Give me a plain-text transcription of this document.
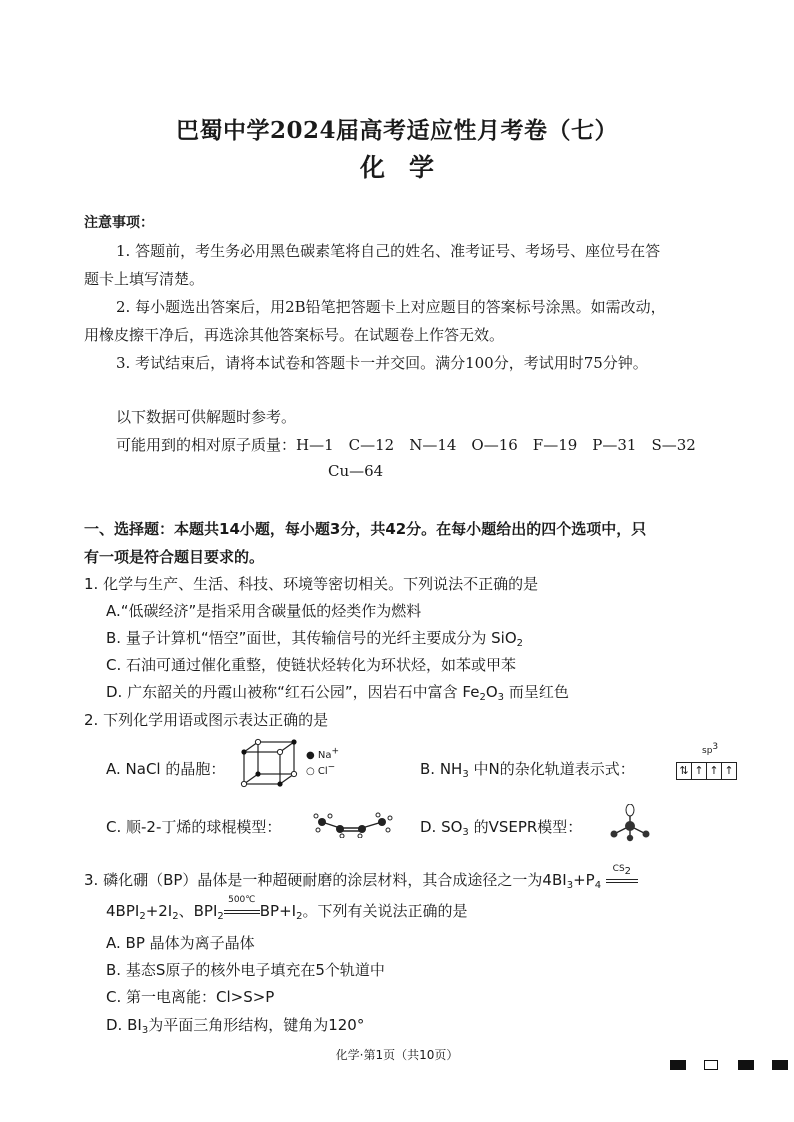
巴蜀中学2024届高考适应性月考卷（七）
化学
注意事项：
1. 答题前，考生务必用黑色碳素笔将自己的姓名、准考证号、考场号、座位号在答
题卡上填写清楚。
2. 每小题选出答案后，用2B铅笔把答题卡上对应题目的答案标号涂黑。如需改动，
用橡皮擦干净后，再选涂其他答案标号。在试题卷上作答无效。
3. 考试结束后，请将本试卷和答题卡一并交回。满分100分，考试用时75分钟。
以下数据可供解题时参考。
可能用到的相对原子质量：H—1　C—12　N—14　O—16　F—19　P—31　S—32
Cu—64
一、选择题：本题共14小题，每小题3分，共42分。在每小题给出的四个选项中，只
有一项是符合题目要求的。
1. 化学与生产、生活、科技、环境等密切相关。下列说法不正确的是
A.“低碳经济”是指采用含碳量低的烃类作为燃料
B. 量子计算机“悟空”面世，其传输信号的光纤主要成分为 SiO$_2$
C. 石油可通过催化重整，使链状烃转化为环状烃，如苯或甲苯
D. 广东韶关的丹霞山被称“红石公园”，因岩石中富含 $Fe_2O_3$ 而呈红色
2. 下列化学用语或图示表达正确的是
A. NaCl 的晶胞：
● Na+
○ Cl−	B. $NH_3$ 中N的杂化轨道表示式：
$sp^3$
⇅ ↑ ↑ ↑
C. 顺-2-丁烯的球棍模型：	D. $SO_3$ 的VSEPR模型：
3. 磷化硼（BP）晶体是一种超硬耐磨的涂层材料，其合成途径之一为$4BI_3+P_4$
$CS_2$
$4BPI_2+2I_2$、$BPI_2$
500℃
$BP+I_2$。下列有关说法正确的是
A. BP 晶体为离子晶体
B. 基态S原子的核外电子填充在5个轨道中
C. 第一电离能：Cl>S>P
D. $BI_3$为平面三角形结构，键角为120°
化学·第1页（共10页）
